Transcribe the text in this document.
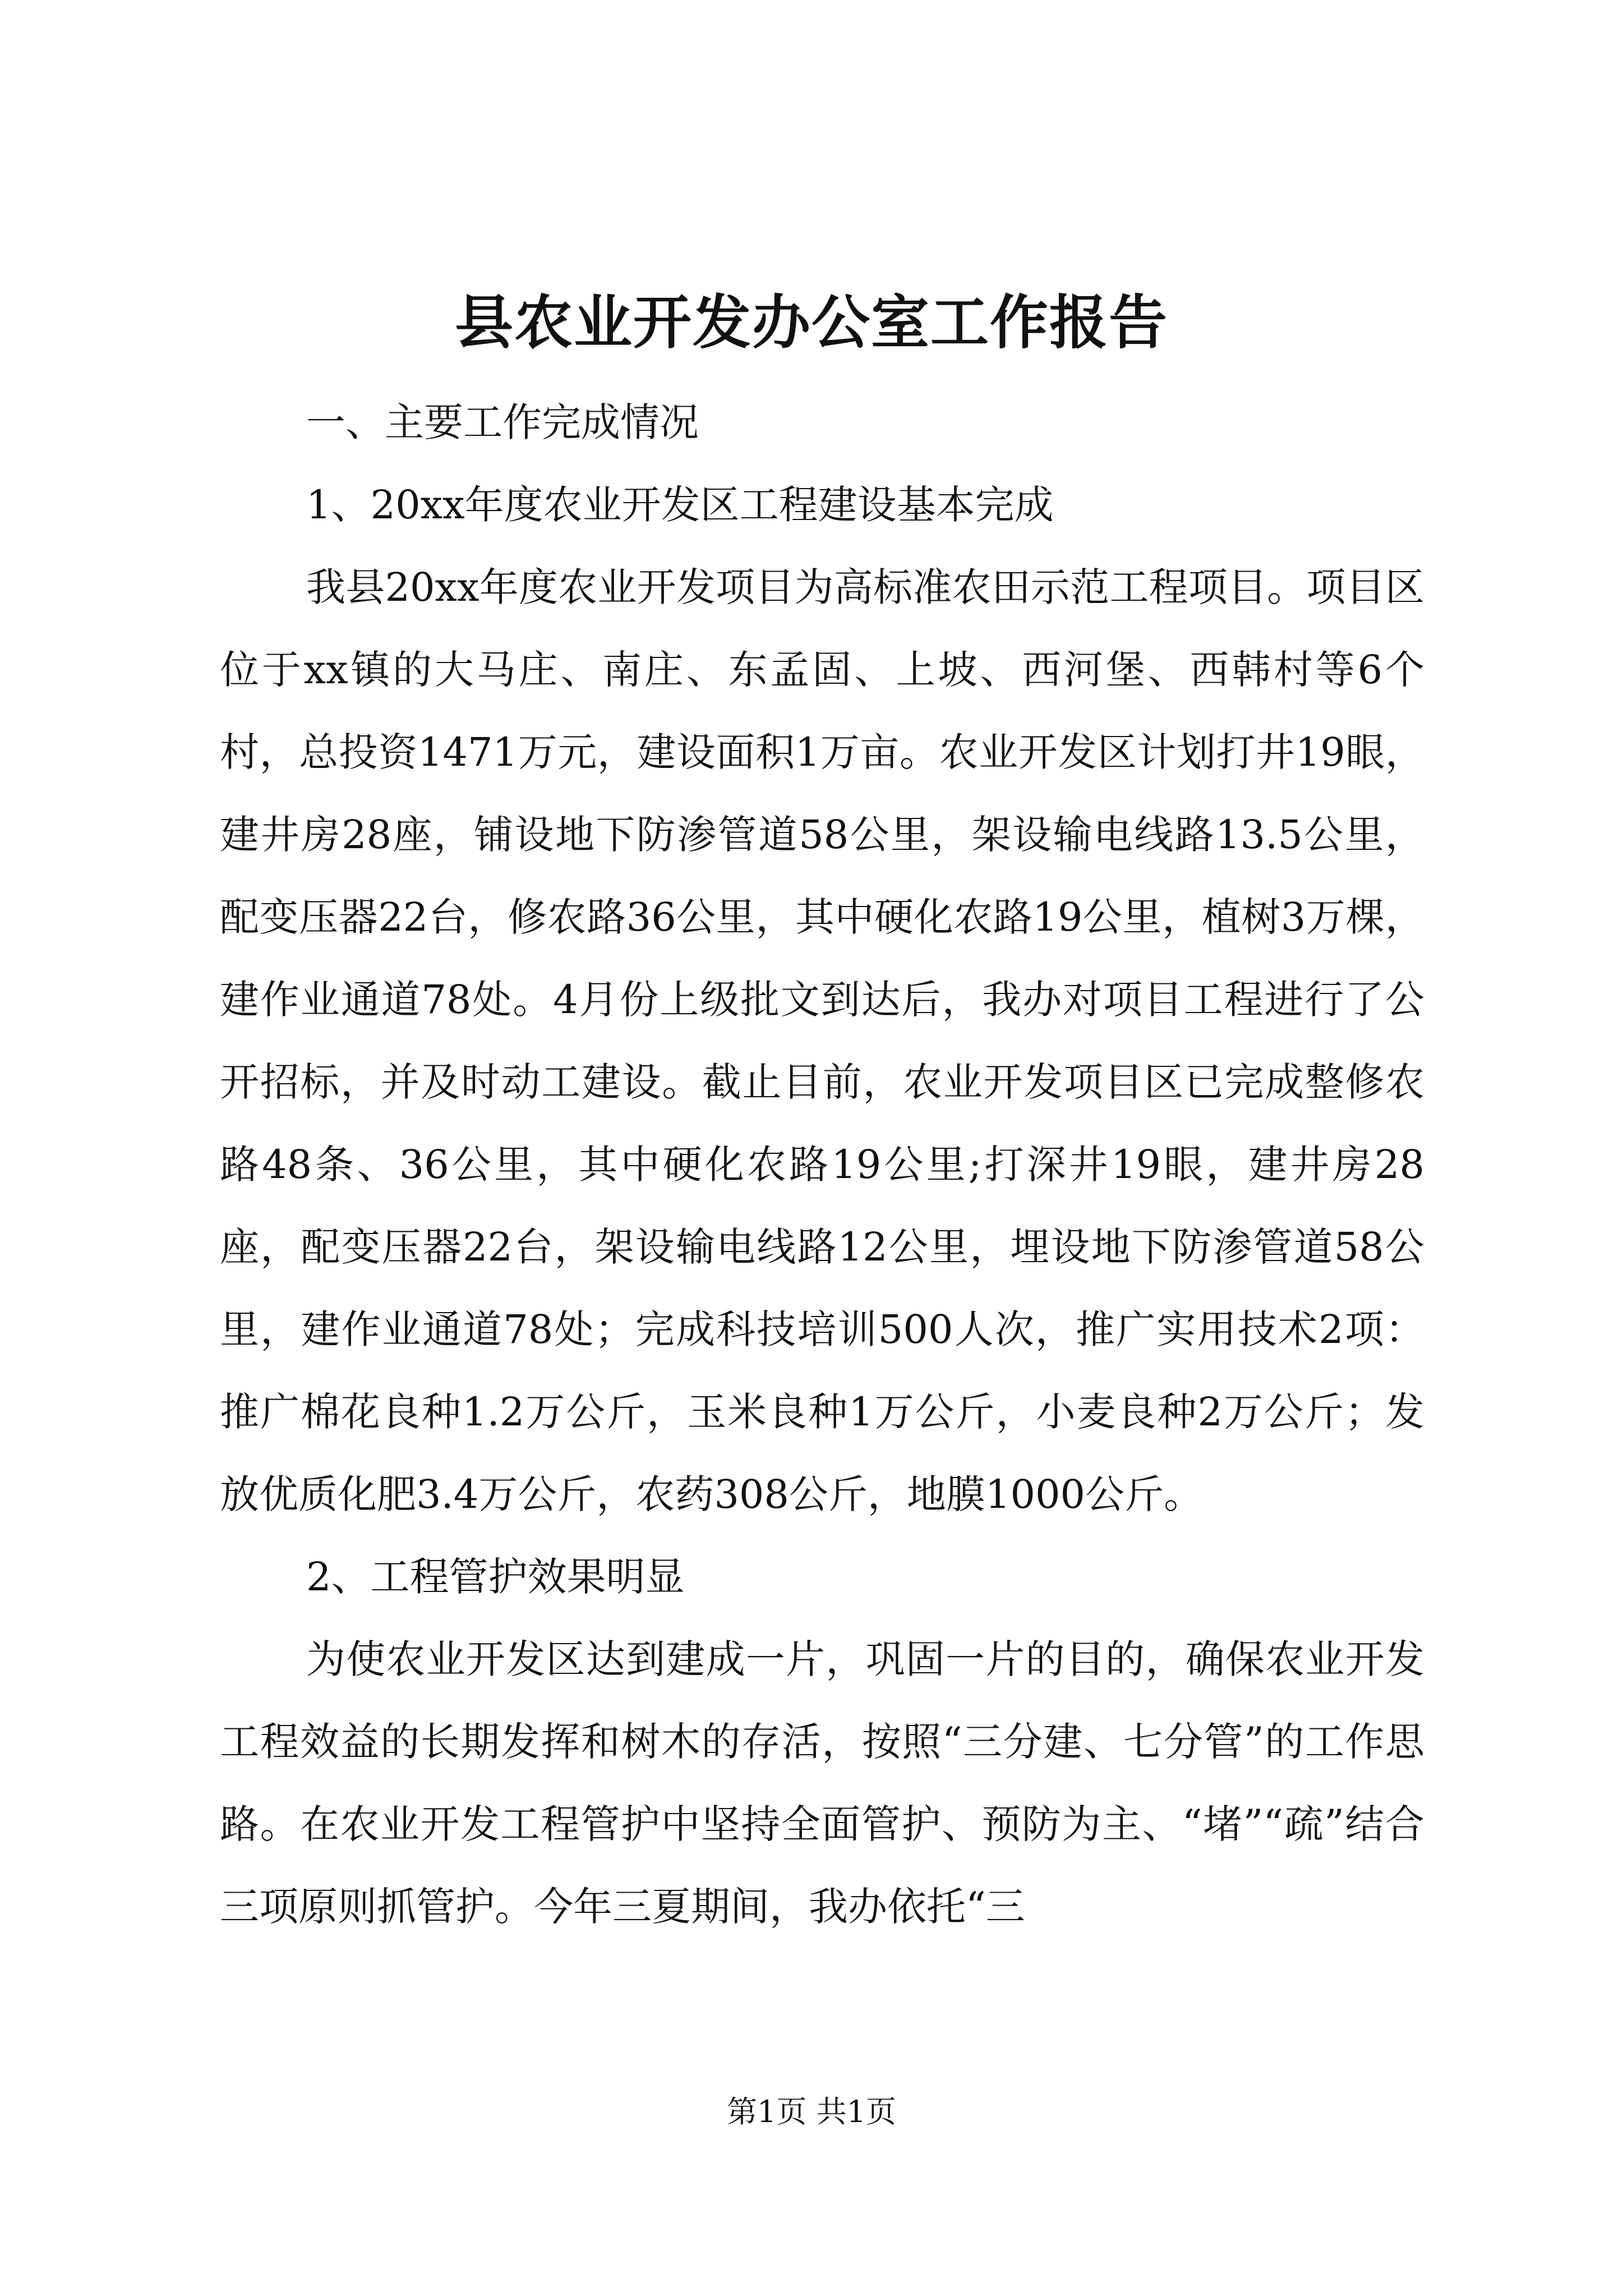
县农业开发办公室工作报告

一、主要工作完成情况

1、20xx年度农业开发区工程建设基本完成

我县20xx年度农业开发项目为高标准农田示范工程项目。项目区位于xx镇的大马庄、南庄、东孟固、上坡、西河堡、西韩村等6个村，总投资1471万元，建设面积1万亩。农业开发区计划打井19眼，建井房28座，铺设地下防渗管道58公里，架设输电线路13.5公里，配变压器22台，修农路36公里，其中硬化农路19公里，植树3万棵，建作业通道78处。4月份上级批文到达后，我办对项目工程进行了公开招标，并及时动工建设。截止目前，农业开发项目区已完成整修农路48条、36公里，其中硬化农路19公里;打深井19眼，建井房28座，配变压器22台，架设输电线路12公里，埋设地下防渗管道58公里，建作业通道78处；完成科技培训500人次，推广实用技术2项：推广棉花良种1.2万公斤，玉米良种1万公斤，小麦良种2万公斤；发放优质化肥3.4万公斤，农药308公斤，地膜1000公斤。

2、工程管护效果明显

为使农业开发区达到建成一片，巩固一片的目的，确保农业开发工程效益的长期发挥和树木的存活，按照“三分建、七分管”的工作思路。在农业开发工程管护中坚持全面管护、预防为主、“堵”“疏”结合三项原则抓管护。今年三夏期间，我办依托“三

第1页 共1页
